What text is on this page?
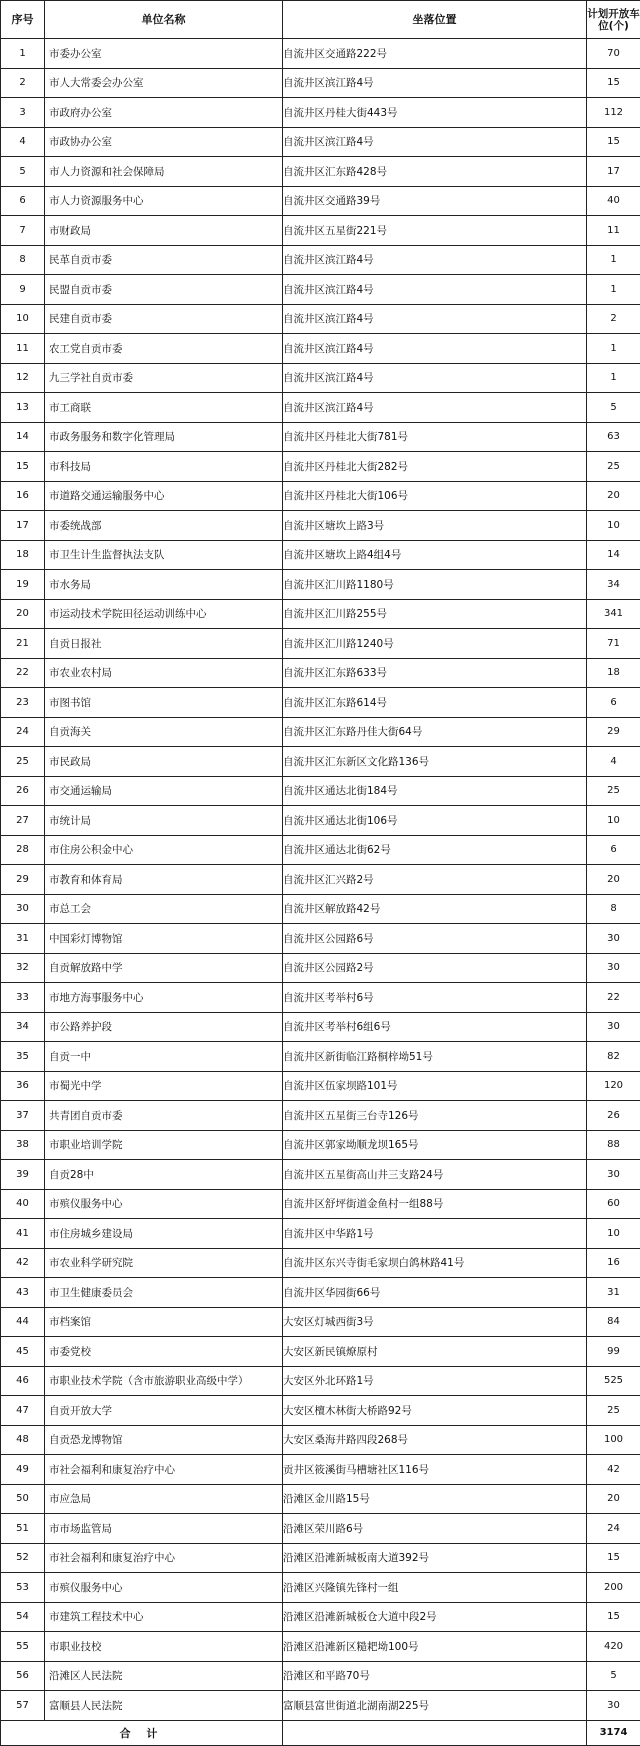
序号	单位名称	坐落位置	计划开放车位(个)
1	市委办公室	自流井区交通路222号	70
2	市人大常委会办公室	自流井区滨江路4号	15
3	市政府办公室	自流井区丹桂大街443号	112
4	市政协办公室	自流井区滨江路4号	15
5	市人力资源和社会保障局	自流井区汇东路428号	17
6	市人力资源服务中心	自流井区交通路39号	40
7	市财政局	自流井区五星街221号	11
8	民革自贡市委	自流井区滨江路4号	1
9	民盟自贡市委	自流井区滨江路4号	1
10	民建自贡市委	自流井区滨江路4号	2
11	农工党自贡市委	自流井区滨江路4号	1
12	九三学社自贡市委	自流井区滨江路4号	1
13	市工商联	自流井区滨江路4号	5
14	市政务服务和数字化管理局	自流井区丹桂北大街781号	63
15	市科技局	自流井区丹桂北大街282号	25
16	市道路交通运输服务中心	自流井区丹桂北大街106号	20
17	市委统战部	自流井区塘坎上路3号	10
18	市卫生计生监督执法支队	自流井区塘坎上路4组4号	14
19	市水务局	自流井区汇川路1180号	34
20	市运动技术学院田径运动训练中心	自流井区汇川路255号	341
21	自贡日报社	自流井区汇川路1240号	71
22	市农业农村局	自流井区汇东路633号	18
23	市图书馆	自流井区汇东路614号	6
24	自贡海关	自流井区汇东路丹佳大街64号	29
25	市民政局	自流井区汇东新区文化路136号	4
26	市交通运输局	自流井区通达北街184号	25
27	市统计局	自流井区通达北街106号	10
28	市住房公积金中心	自流井区通达北街62号	6
29	市教育和体育局	自流井区汇兴路2号	20
30	市总工会	自流井区解放路42号	8
31	中国彩灯博物馆	自流井区公园路6号	30
32	自贡解放路中学	自流井区公园路2号	30
33	市地方海事服务中心	自流井区考举村6号	22
34	市公路养护段	自流井区考举村6组6号	30
35	自贡一中	自流井区新街临江路桐梓坳51号	82
36	市蜀光中学	自流井区伍家坝路101号	120
37	共青团自贡市委	自流井区五星街三台寺126号	26
38	市职业培训学院	自流井区郭家坳顺龙坝165号	88
39	自贡28中	自流井区五星街高山井三支路24号	30
40	市殡仪服务中心	自流井区舒坪街道金鱼村一组88号	60
41	市住房城乡建设局	自流井区中华路1号	10
42	市农业科学研究院	自流井区东兴寺街毛家坝白鸽林路41号	16
43	市卫生健康委员会	自流井区华园街66号	31
44	市档案馆	大安区灯城西街3号	84
45	市委党校	大安区新民镇燎原村	99
46	市职业技术学院（含市旅游职业高级中学）	大安区外北环路1号	525
47	自贡开放大学	大安区檀木林街大桥路92号	25
48	自贡恐龙博物馆	大安区桑海井路四段268号	100
49	市社会福利和康复治疗中心	贡井区筱溪街马槽塘社区116号	42
50	市应急局	沿滩区金川路15号	20
51	市市场监管局	沿滩区荣川路6号	24
52	市社会福利和康复治疗中心	沿滩区沿滩新城板南大道392号	15
53	市殡仪服务中心	沿滩区兴隆镇先锋村一组	200
54	市建筑工程技术中心	沿滩区沿滩新城板仓大道中段2号	15
55	市职业技校	沿滩区沿滩新区糙耙坳100号	420
56	沿滩区人民法院	沿滩区和平路70号	5
57	富顺县人民法院	富顺县富世街道北湖南湖225号	30
合 计			3174
